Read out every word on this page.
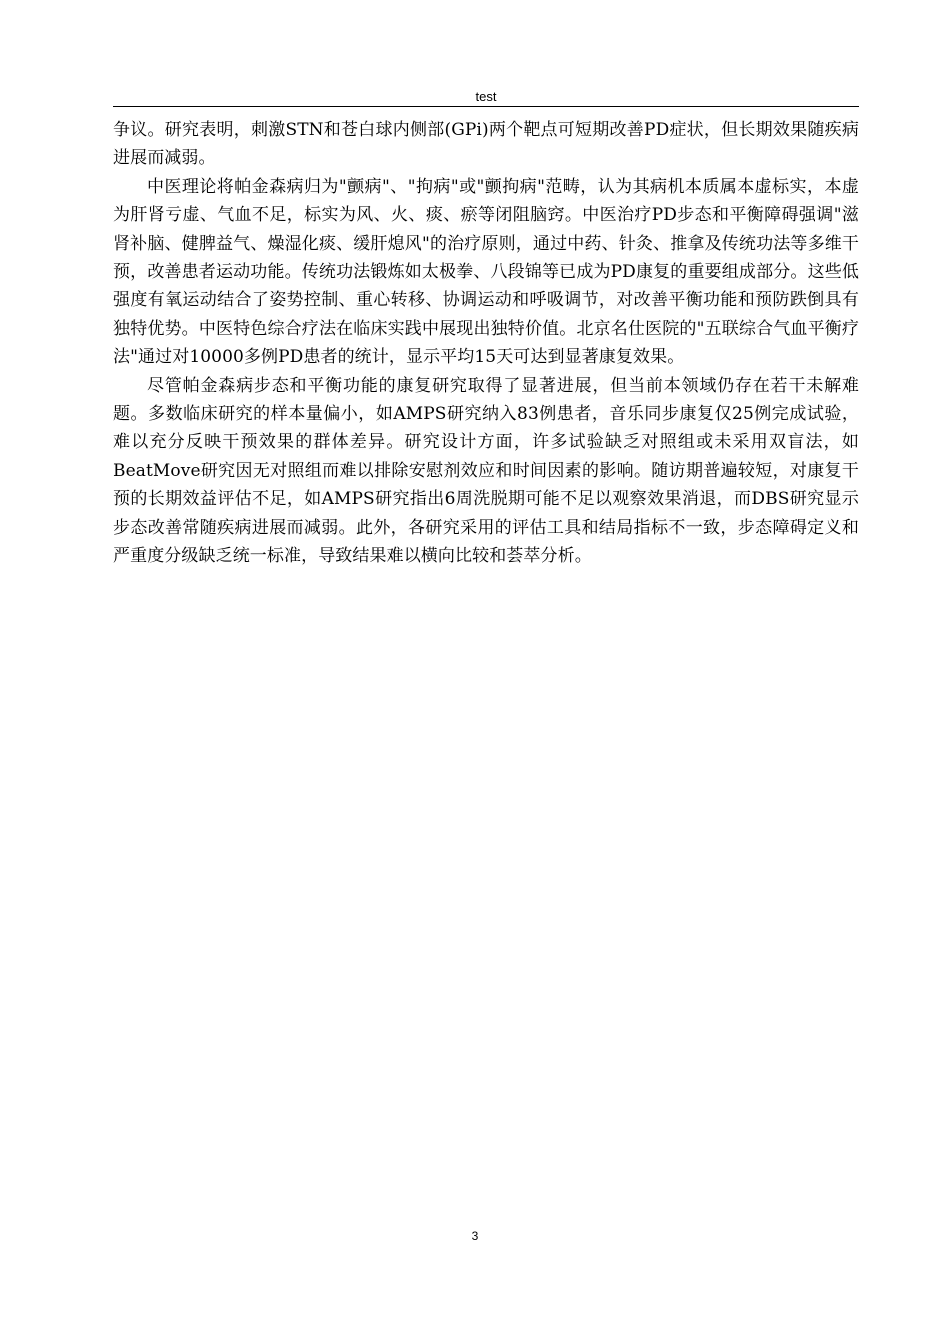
test

争议。研究表明，刺激STN和苍白球内侧部(GPi)两个靶点可短期改善PD症状，但长期效果随疾病进展而减弱。

中医理论将帕金森病归为"颤病"、"拘病"或"颤拘病"范畴，认为其病机本质属本虚标实，本虚为肝肾亏虚、气血不足，标实为风、火、痰、瘀等闭阻脑窍。中医治疗PD步态和平衡障碍强调"滋肾补脑、健脾益气、燥湿化痰、缓肝熄风"的治疗原则，通过中药、针灸、推拿及传统功法等多维干预，改善患者运动功能。传统功法锻炼如太极拳、八段锦等已成为PD康复的重要组成部分。这些低强度有氧运动结合了姿势控制、重心转移、协调运动和呼吸调节，对改善平衡功能和预防跌倒具有独特优势。中医特色综合疗法在临床实践中展现出独特价值。北京名仕医院的"五联综合气血平衡疗法"通过对10000多例PD患者的统计，显示平均15天可达到显著康复效果。

尽管帕金森病步态和平衡功能的康复研究取得了显著进展，但当前本领域仍存在若干未解难题。多数临床研究的样本量偏小，如AMPS研究纳入83例患者，音乐同步康复仅25例完成试验，难以充分反映干预效果的群体差异。研究设计方面，许多试验缺乏对照组或未采用双盲法，如BeatMove研究因无对照组而难以排除安慰剂效应和时间因素的影响。随访期普遍较短，对康复干预的长期效益评估不足，如AMPS研究指出6周洗脱期可能不足以观察效果消退，而DBS研究显示步态改善常随疾病进展而减弱。此外，各研究采用的评估工具和结局指标不一致，步态障碍定义和严重度分级缺乏统一标准，导致结果难以横向比较和荟萃分析。

3
